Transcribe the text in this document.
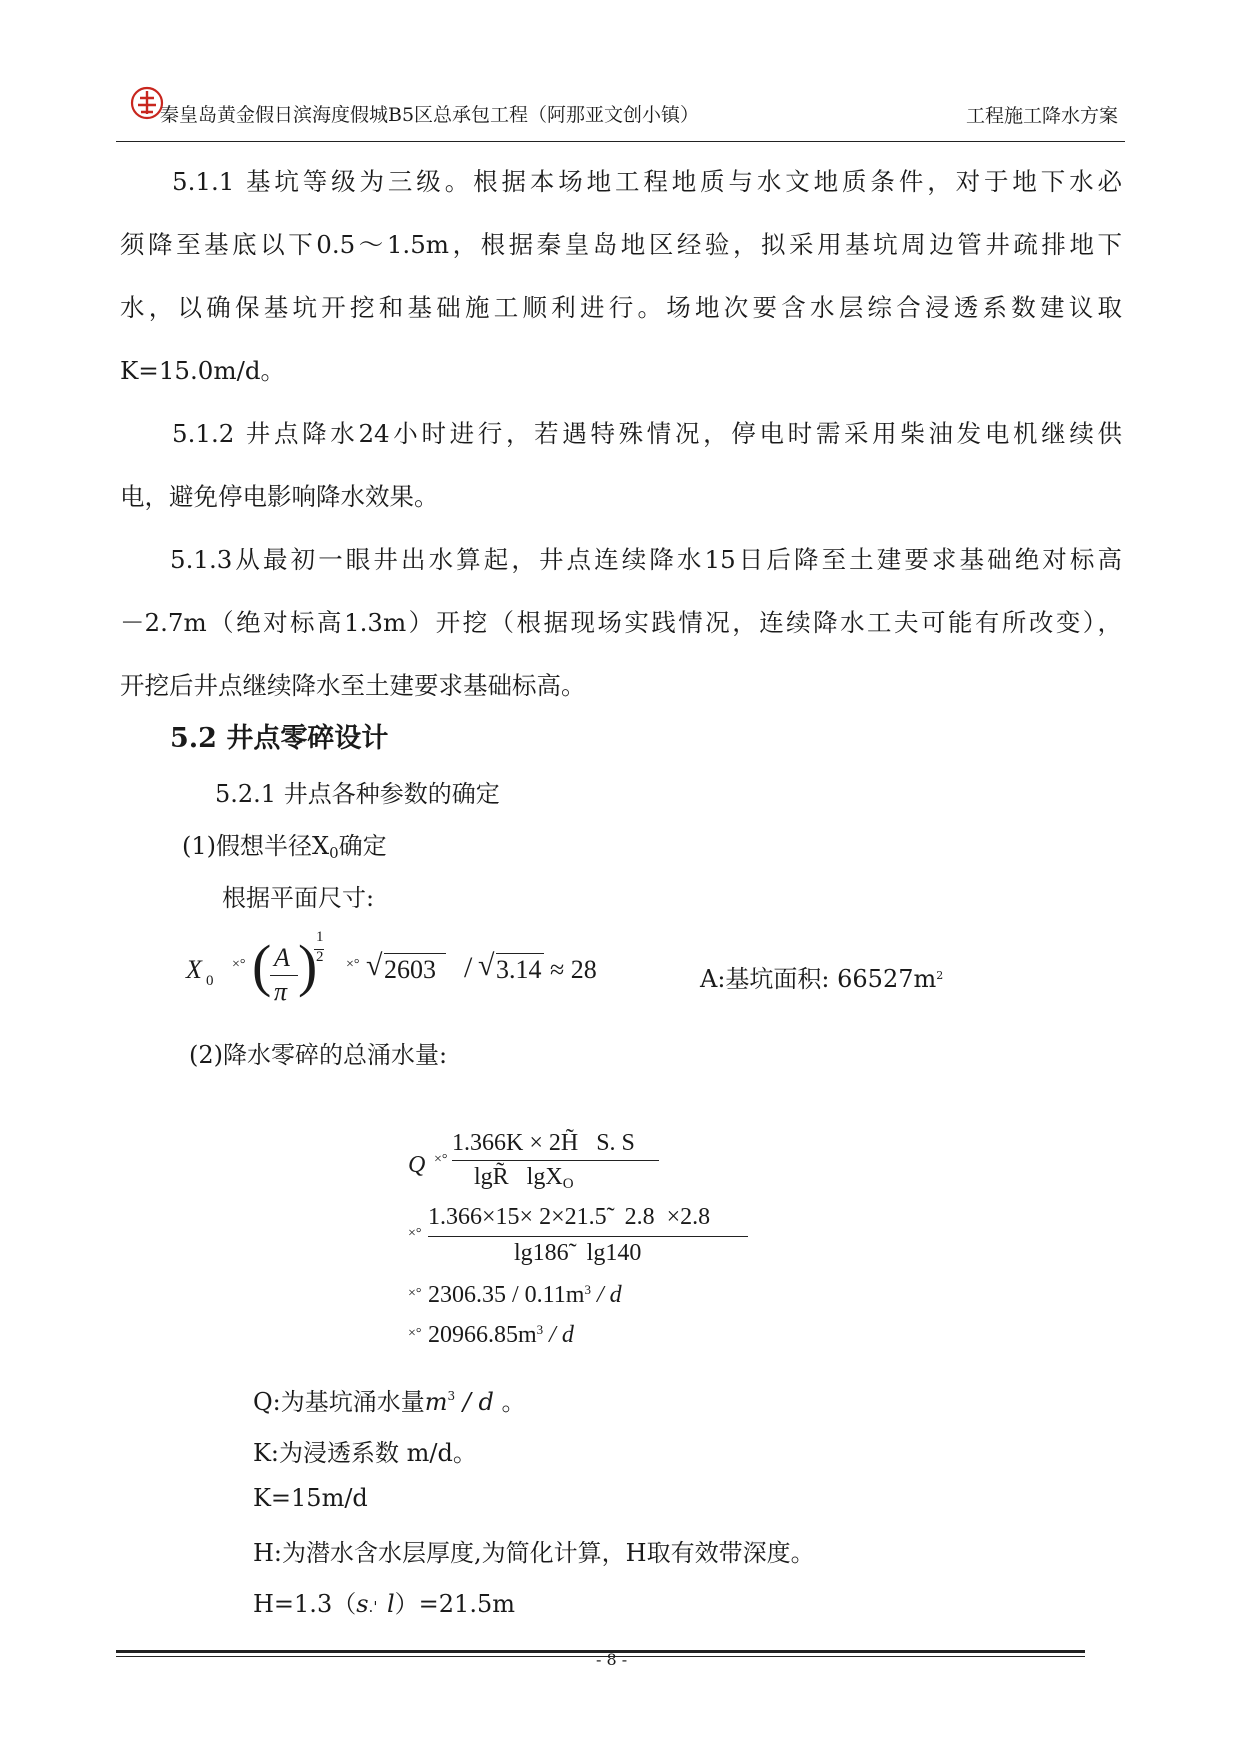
秦皇岛黄金假日滨海度假城B5区总承包工程（阿那亚文创小镇）	工程施工降水方案
5.1.1 基坑等级为三级。根据本场地工程地质与水文地质条件，对于地下水必
须降至基底以下0.5～1.5m，根据秦皇岛地区经验，拟采用基坑周边管井疏排地下
水，以确保基坑开挖和基础施工顺利进行。场地次要含水层综合浸透系数建议取
K=15.0m/d。
5.1.2 井点降水24小时进行，若遇特殊情况，停电时需采用柴油发电机继续供
电，避免停电影响降水效果。
5.1.3从最初一眼井出水算起，井点连续降水15日后降至土建要求基础绝对标高
－2.7m（绝对标高1.3m）开挖（根据现场实践情况，连续降水工夫可能有所改变），
开挖后井点继续降水至土建要求基础标高。
5.2 井点零碎设计
5.2.1 井点各种参数的确定
(1)假想半径X0确定
根据平面尺寸:
X 0
×° ( A
π )
1
2 ×° √ 2603 / √ 3.14 ≈ 28	A:基坑面积: $66527m^2$
(2)降水零碎的总涌水量:
Q ×°
1.366K × 2H̃   S. S
lgR̃   lgXO
×°
1.366×15× 2×21.5̃   2.8  ×2.8
lg186̃   lg140
×° $2306.35 / 0.11m^3$ / d
×° $20966.85m^3$ / d
Q:为基坑涌水量$m^3$ / d 。
K:为浸透系数 m/d。
K=15m/d
H:为潜水含水层厚度,为简化计算，H取有效带深度。
H=1.3（s.'  l）=21.5m
- 8 -
